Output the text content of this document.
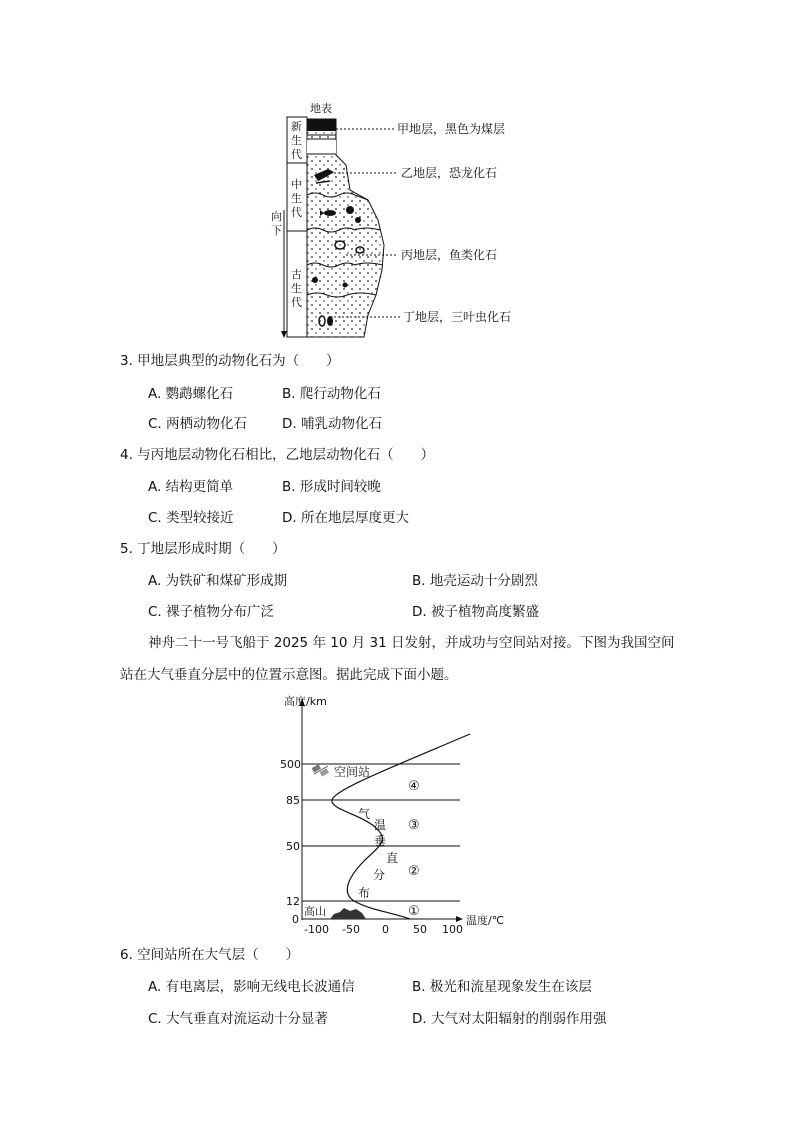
地表
新生代
中生代
古生代
向下
甲地层，黑色为煤层
乙地层，恐龙化石
丙地层，鱼类化石
丁地层，三叶虫化石
3. 甲地层典型的动物化石为（　　）
A. 鹦鹉螺化石	B. 爬行动物化石
C. 两栖动物化石	D. 哺乳动物化石
4. 与丙地层动物化石相比，乙地层动物化石（　　）
A. 结构更简单	B. 形成时间较晚
C. 类型较接近	D. 所在地层厚度更大
5. 丁地层形成时期（　　）
A. 为铁矿和煤矿形成期	B. 地壳运动十分剧烈
C. 裸子植物分布广泛	D. 被子植物高度繁盛
神舟二十一号飞船于 2025 年 10 月 31 日发射，并成功与空间站对接。下图为我国空间
站在大气垂直分层中的位置示意图。据此完成下面小题。
高度/km
温度/℃
500
85
50
12
0
-100 -50 0 50 100
高山
空间站
气
温
垂
直
分
布
④
③
②
①
6. 空间站所在大气层（　　）
A. 有电离层，影响无线电长波通信	B. 极光和流星现象发生在该层
C. 大气垂直对流运动十分显著	D. 大气对太阳辐射的削弱作用强
